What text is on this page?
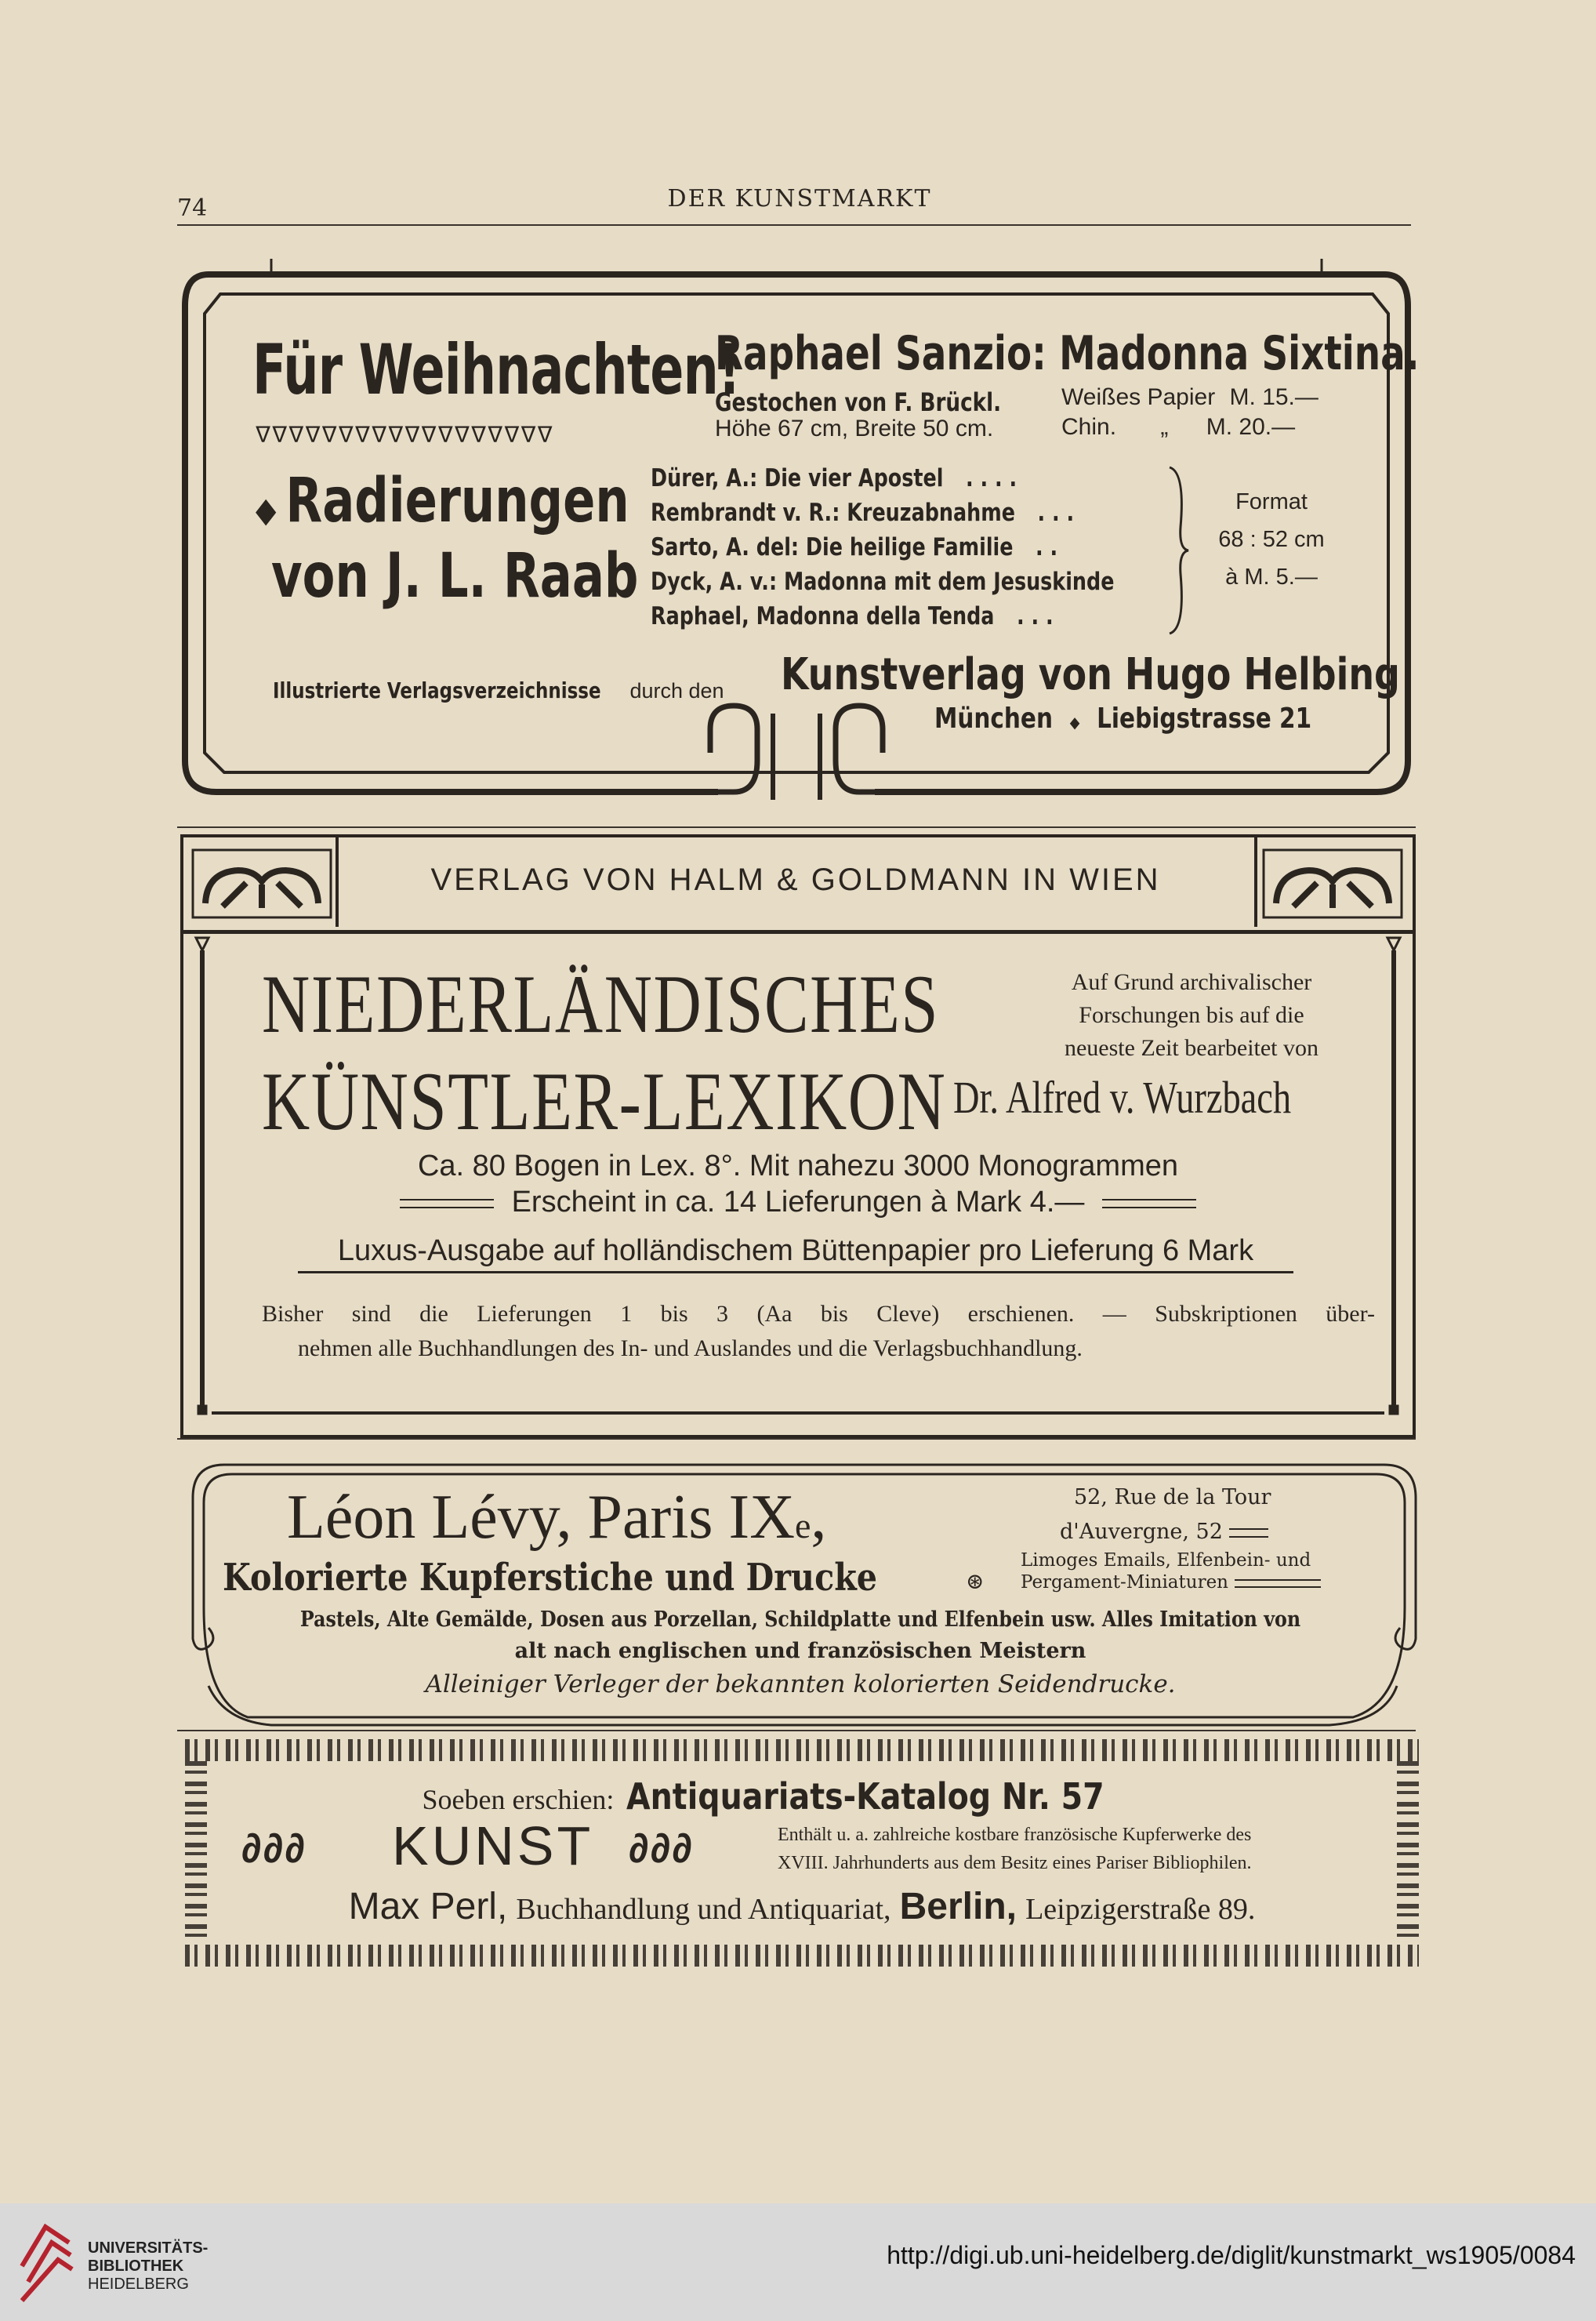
74	DER KUNSTMARKT
Für Weihnachten!
ᐁᐁᐁᐁᐁᐁᐁᐁᐁᐁᐁᐁᐁᐁᐁᐁᐁᐁ
◆ Radierungen
von J. L. Raab
Raphael Sanzio: Madonna Sixtina.
Gestochen von F. Brückl.
Höhe 67 cm, Breite 50 cm.
Weißes Papier M. 15.—
Chin. „ M. 20.—
Dürer, A.: Die vier Apostel . . . .
Rembrandt v. R.: Kreuzabnahme . . .
Sarto, A. del: Die heilige Familie . .
Dyck, A. v.: Madonna mit dem Jesuskinde
Raphael, Madonna della Tenda . . .
Format
68 : 52 cm
à M. 5.—
Illustrierte Verlagsverzeichnisse durch den Kunstverlag von Hugo Helbing
München ◆ Liebigstrasse 21
VERLAG VON HALM & GOLDMANN IN WIEN
NIEDERLÄNDISCHES
KÜNSTLER-LEXIKON
Auf Grund archivalischer
Forschungen bis auf die
neueste Zeit bearbeitet von
Dr. Alfred v. Wurzbach
Ca. 80 Bogen in Lex. 8°. Mit nahezu 3000 Monogrammen
Erscheint in ca. 14 Lieferungen à Mark 4.—
Luxus-Ausgabe auf holländischem Büttenpapier pro Lieferung 6 Mark
Bisher sind die Lieferungen 1 bis 3 (Aa bis Cleve) erschienen. — Subskriptionen über-
nehmen alle Buchhandlungen des In- und Auslandes und die Verlagsbuchhandlung.
Léon Lévy, Paris IXe,	52, Rue de la Tour
d'Auvergne, 52
Kolorierte Kupferstiche und Drucke	⊛
Limoges Emails, Elfenbein- und
Pergament-Miniaturen
Pastels, Alte Gemälde, Dosen aus Porzellan, Schildplatte und Elfenbein usw. Alles Imitation von
alt nach englischen und französischen Meistern
Alleiniger Verleger der bekannten kolorierten Seidendrucke.
Soeben erschien: Antiquariats-Katalog Nr. 57
∂∂∂ KUNST ∂∂∂	Enthält u. a. zahlreiche kostbare französische Kupferwerke des
XVIII. Jahrhunderts aus dem Besitz eines Pariser Bibliophilen.
Max Perl, Buchhandlung und Antiquariat, Berlin, Leipzigerstraße 89.
UNIVERSITÄTS-
BIBLIOTHEK
HEIDELBERG
http://digi.ub.uni-heidelberg.de/diglit/kunstmarkt_ws1905/0084
